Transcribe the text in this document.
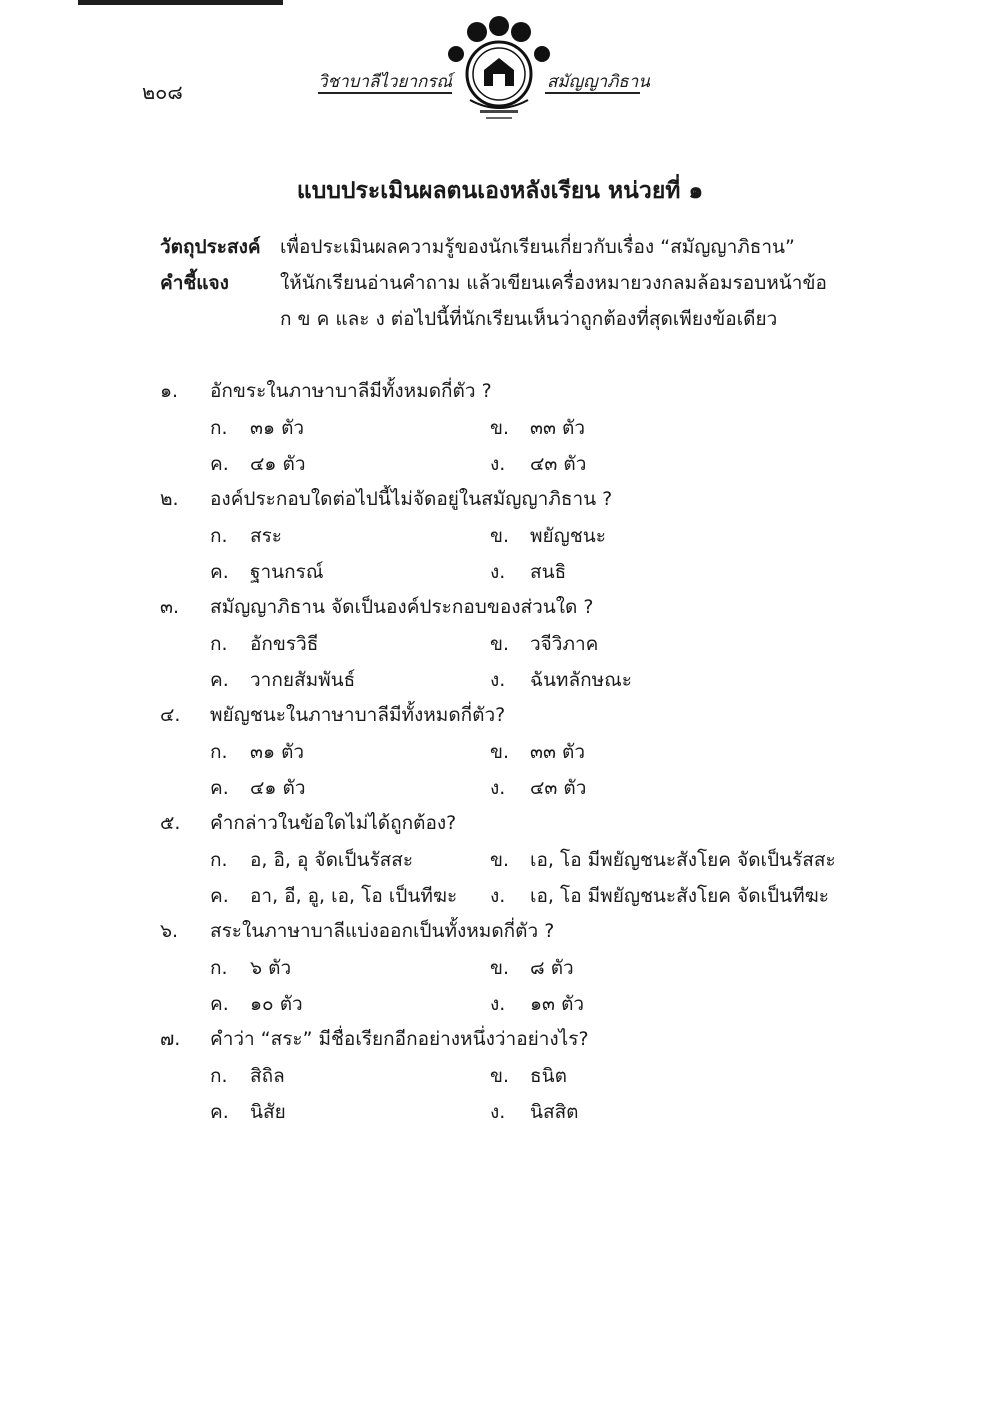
๒๐๘	วิชาบาลีไวยากรณ์	สมัญญาภิธาน
แบบประเมินผลตนเองหลังเรียน หน่วยที่ ๑
วัตถุประสงค์ เพื่อประเมินผลความรู้ของนักเรียนเกี่ยวกับเรื่อง “สมัญญาภิธาน”
คำชี้แจง	ให้นักเรียนอ่านคำถาม แล้วเขียนเครื่องหมายวงกลมล้อมรอบหน้าข้อ
ก ข ค และ ง ต่อไปนี้ที่นักเรียนเห็นว่าถูกต้องที่สุดเพียงข้อเดียว
๑. อักขระในภาษาบาลีมีทั้งหมดกี่ตัว ?
ก. ๓๑ ตัว	ข. ๓๓ ตัว
ค. ๔๑ ตัว	ง. ๔๓ ตัว
๒. องค์ประกอบใดต่อไปนี้ไม่จัดอยู่ในสมัญญาภิธาน ?
ก. สระ	ข. พยัญชนะ
ค. ฐานกรณ์	ง. สนธิ
๓. สมัญญาภิธาน จัดเป็นองค์ประกอบของส่วนใด ?
ก. อักขรวิธี	ข. วจีวิภาค
ค. วากยสัมพันธ์	ง. ฉันทลักษณะ
๔. พยัญชนะในภาษาบาลีมีทั้งหมดกี่ตัว?
ก. ๓๑ ตัว	ข. ๓๓ ตัว
ค. ๔๑ ตัว	ง. ๔๓ ตัว
๕. คำกล่าวในข้อใดไม่ได้ถูกต้อง?
ก. อ, อิ, อุ จัดเป็นรัสสะ	ข. เอ, โอ มีพยัญชนะสังโยค จัดเป็นรัสสะ
ค. อา, อี, อู, เอ, โอ เป็นทีฆะ ง. เอ, โอ มีพยัญชนะสังโยค จัดเป็นทีฆะ
๖. สระในภาษาบาลีแบ่งออกเป็นทั้งหมดกี่ตัว ?
ก. ๖ ตัว	ข. ๘ ตัว
ค. ๑๐ ตัว	ง. ๑๓ ตัว
๗. คำว่า “สระ” มีชื่อเรียกอีกอย่างหนึ่งว่าอย่างไร?
ก. สิถิล	ข. ธนิต
ค. นิสัย	ง. นิสสิต
